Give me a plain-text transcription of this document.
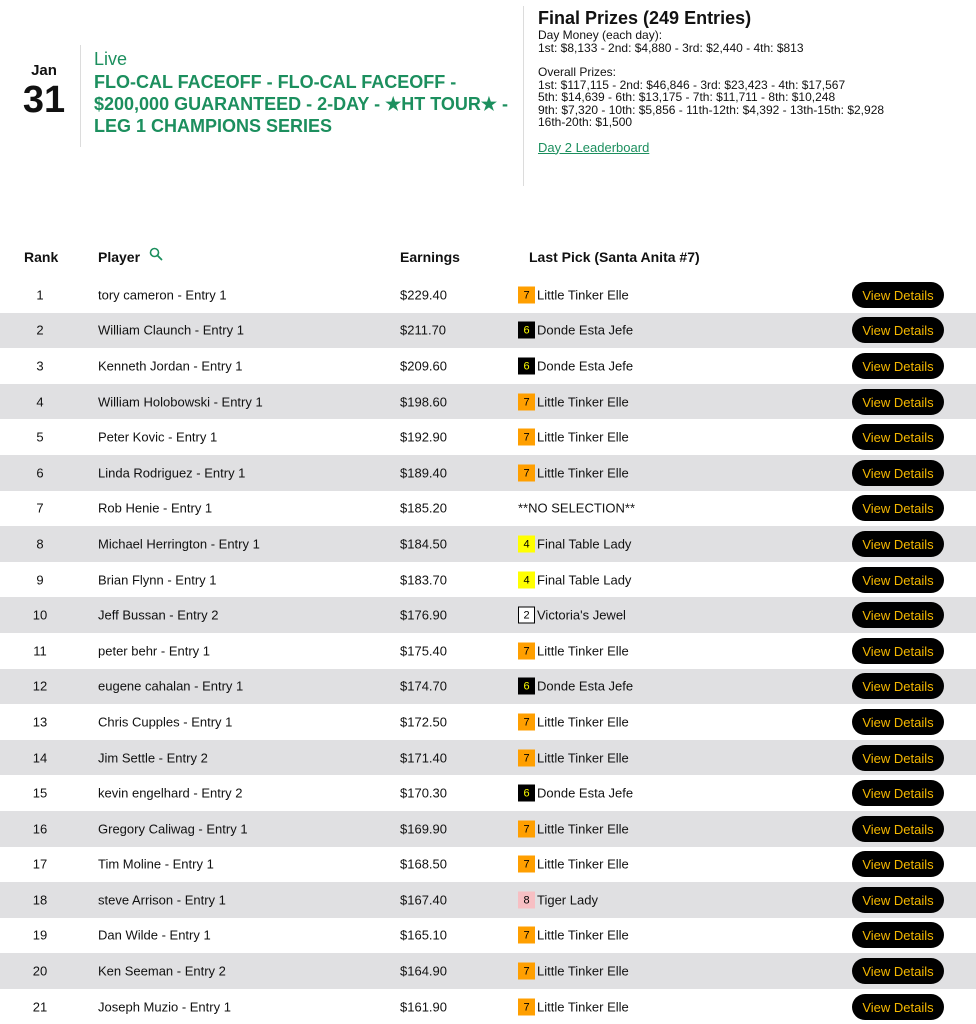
Jan
31
Live
FLO-CAL FACEOFF - FLO-CAL FACEOFF - $200,000 GUARANTEED - 2-DAY - ★HT TOUR★ - LEG 1 CHAMPIONS SERIES
Final Prizes (249 Entries)
Day Money (each day):
1st: $8,133 - 2nd: $4,880 - 3rd: $2,440 - 4th: $813
Overall Prizes:
1st: $117,115 - 2nd: $46,846 - 3rd: $23,423 - 4th: $17,567
5th: $14,639 - 6th: $13,175 - 7th: $11,711 - 8th: $10,248
9th: $7,320 - 10th: $5,856 - 11th-12th: $4,392 - 13th-15th: $2,928
16th-20th: $1,500
Day 2 Leaderboard
Rank	Player	Earnings	Last Pick (Santa Anita #7)
1	tory cameron - Entry 1	$229.40	7 Little Tinker Elle	View Details
2	William Claunch - Entry 1	$211.70	6 Donde Esta Jefe	View Details
3	Kenneth Jordan - Entry 1	$209.60	6 Donde Esta Jefe	View Details
4	William Holobowski - Entry 1	$198.60	7 Little Tinker Elle	View Details
5	Peter Kovic - Entry 1	$192.90	7 Little Tinker Elle	View Details
6	Linda Rodriguez - Entry 1	$189.40	7 Little Tinker Elle	View Details
7	Rob Henie - Entry 1	$185.20	**NO SELECTION**	View Details
8	Michael Herrington - Entry 1	$184.50	4 Final Table Lady	View Details
9	Brian Flynn - Entry 1	$183.70	4 Final Table Lady	View Details
10	Jeff Bussan - Entry 2	$176.90	2 Victoria's Jewel	View Details
11	peter behr - Entry 1	$175.40	7 Little Tinker Elle	View Details
12	eugene cahalan - Entry 1	$174.70	6 Donde Esta Jefe	View Details
13	Chris Cupples - Entry 1	$172.50	7 Little Tinker Elle	View Details
14	Jim Settle - Entry 2	$171.40	7 Little Tinker Elle	View Details
15	kevin engelhard - Entry 2	$170.30	6 Donde Esta Jefe	View Details
16	Gregory Caliwag - Entry 1	$169.90	7 Little Tinker Elle	View Details
17	Tim Moline - Entry 1	$168.50	7 Little Tinker Elle	View Details
18	steve Arrison - Entry 1	$167.40	8 Tiger Lady	View Details
19	Dan Wilde - Entry 1	$165.10	7 Little Tinker Elle	View Details
20	Ken Seeman - Entry 2	$164.90	7 Little Tinker Elle	View Details
21	Joseph Muzio - Entry 1	$161.90	7 Little Tinker Elle	View Details
